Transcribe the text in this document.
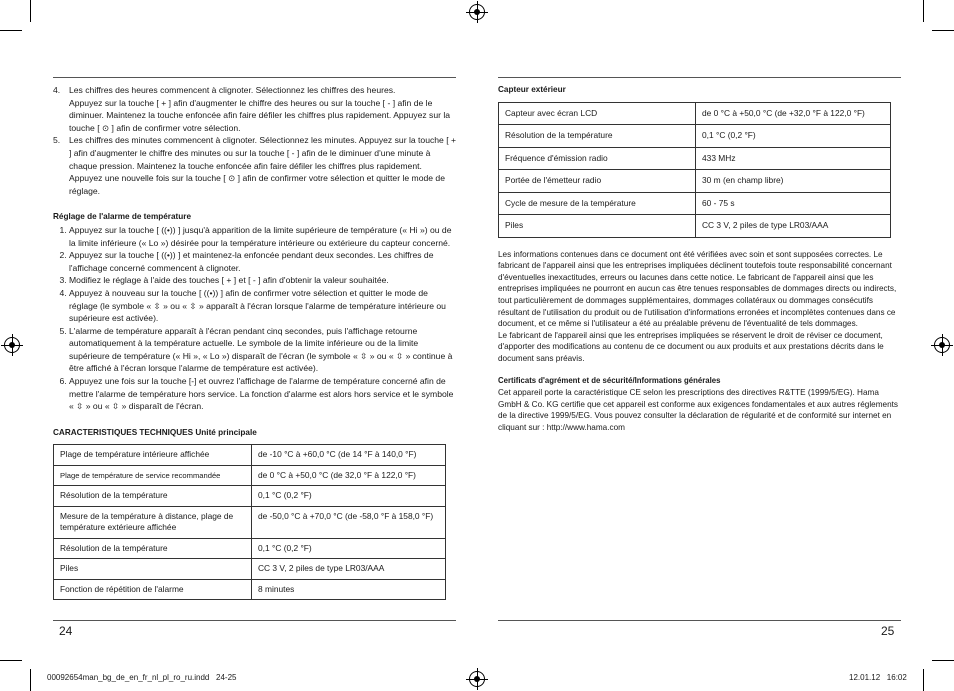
4.	Les chiffres des heures commencent à clignoter. Sélectionnez les chiffres des heures.
Appuyez sur la touche [ + ] afin d'augmenter le chiffre des heures ou sur la touche [ - ] afin de le diminuer. Maintenez la touche enfoncée afin faire défiler les chiffres plus rapidement. Appuyez sur la touche [ ⊙ ] afin de confirmer votre sélection.
5.	Les chiffres des minutes commencent à clignoter. Sélectionnez les minutes. Appuyez sur la touche [ + ] afin d'augmenter le chiffre des minutes ou sur la touche [ - ] afin de le diminuer d'une minute à chaque pression. Maintenez la touche enfoncée afin faire défiler les chiffres plus rapidement. Appuyez une nouvelle fois sur la touche [ ⊙ ] afin de confirmer votre sélection et quitter le mode de réglage.

Réglage de l'alarme de température

1. Appuyez sur la touche [ ((•)) ] jusqu'à apparition de la limite supérieure de température (« Hi ») ou de la limite inférieure (« Lo ») désirée pour la température intérieure ou extérieure du capteur concerné.
2. Appuyez sur la touche [ ((•)) ] et maintenez-la enfoncée pendant deux secondes. Les chiffres de l'affichage concerné commencent à clignoter.
3. Modifiez le réglage à l'aide des touches [ + ] et [ - ] afin d'obtenir la valeur souhaitée.
4. Appuyez à nouveau sur la touche [ ((•)) ] afin de confirmer votre sélection et quitter le mode de réglage (le symbole « ⇳ » ou « ⇳ » apparaît à l'écran lorsque l'alarme de température intérieure ou supérieure est activée).
5. L'alarme de température apparaît à l'écran pendant cinq secondes, puis l'affichage retourne automatiquement à la température actuelle. Le symbole de la limite inférieure ou de la limite supérieure de température (« Hi », « Lo ») disparaît de l'écran (le symbole « ⇳ » ou « ⇳ » continue à être affiché à l'écran lorsque l'alarme de température est activée).
6. Appuyez une fois sur la touche [-] et ouvrez l'affichage de l'alarme de température concerné afin de mettre l'alarme de température hors service. La fonction d'alarme est alors hors service et le symbole « ⇳ » ou « ⇳ » disparaît de l'écran.

CARACTERISTIQUES TECHNIQUES Unité principale

Plage de température intérieure affichée	de -10 °C à +60,0 °C (de 14 °F à 140,0 °F)
Plage de température de service recommandée	de 0 °C à +50,0 °C (de 32,0 °F à 122,0 °F)
Résolution de la température	0,1 °C (0,2 °F)
Mesure de la température à distance, plage de température extérieure affichée	de -50,0 °C à +70,0 °C (de -58,0 °F à 158,0 °F)
Résolution de la température	0,1 °C (0,2 °F)
Piles	CC 3 V, 2 piles de type LR03/AAA
Fonction de répétition de l'alarme	8 minutes
24

Capteur extérieur

Capteur avec écran LCD	de 0 °C à +50,0 °C (de +32,0 °F à 122,0 °F)
Résolution de la température	0,1 °C (0,2 °F)
Fréquence d'émission radio	433 MHz
Portée de l'émetteur radio	30 m (en champ libre)
Cycle de mesure de la température	60 - 75 s
Piles	CC 3 V, 2 piles de type LR03/AAA
Les informations contenues dans ce document ont été vérifiées avec soin et sont supposées correctes. Le fabricant de l'appareil ainsi que les entreprises impliquées déclinent toutefois toute responsabilité concernant d'éventuelles inexactitudes, erreurs ou lacunes dans cette notice. Le fabricant de l'appareil ainsi que les entreprises impliquées ne pourront en aucun cas être tenues responsables de dommages directs ou indirects, tout particulièrement de dommages supplémentaires, dommages collatéraux ou dommages consécutifs résultant de l'utilisation du produit ou de l'utilisation d'informations erronées et incomplètes contenues dans ce document, et ce même si l'utilisateur a été au préalable prévenu de l'éventualité de tels dommages.
Le fabricant de l'appareil ainsi que les entreprises impliquées se réservent le droit de réviser ce document, d'apporter des modifications au contenu de ce document ou aux produits et aux prestations décrits dans le document sans préavis.

Certificats d'agrément et de sécurité/Informations générales

Cet appareil porte la caractéristique CE selon les prescriptions des directives R&TTE (1999/5/EG). Hama GmbH & Co. KG certifie que cet appareil est conforme aux exigences fondamentales et aux autres réglements de la directive 1999/5/EG. Vous pouvez consulter la déclaration de régularité et de conformité sur internet en cliquant sur : http://www.hama.com
25
00092654man_bg_de_en_fr_nl_pl_ro_ru.indd   24-25	12.01.12   16:02
